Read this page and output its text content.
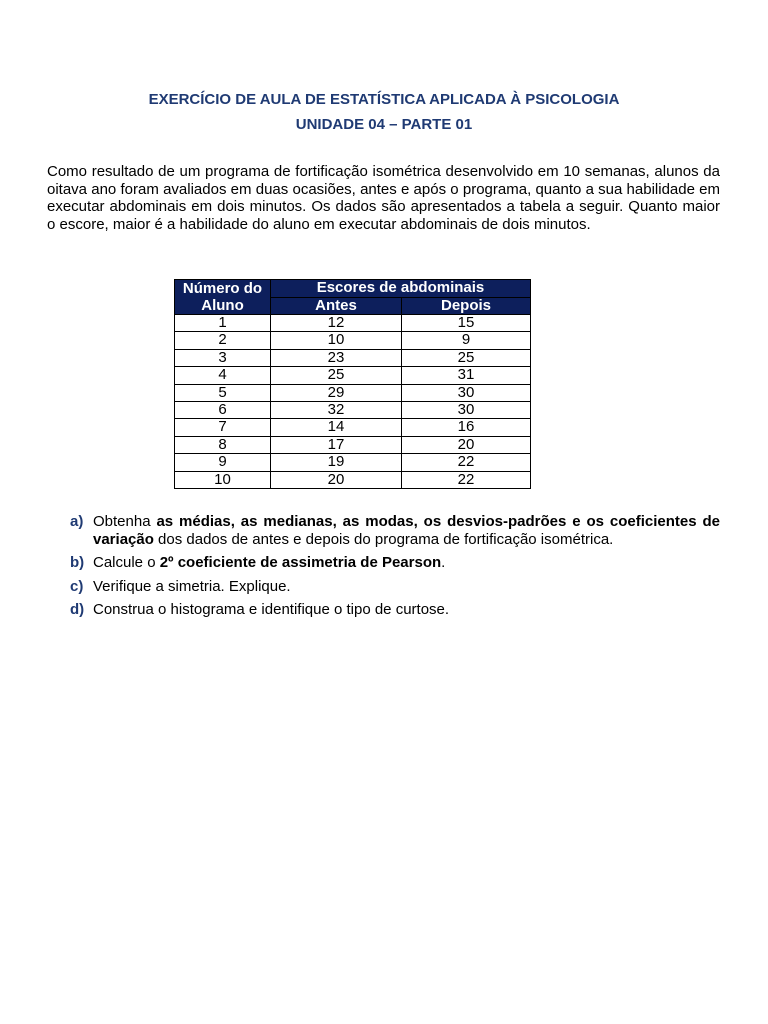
EXERCÍCIO DE AULA DE ESTATÍSTICA APLICADA À PSICOLOGIA
UNIDADE 04 – PARTE 01

Como resultado de um programa de fortificação isométrica desenvolvido em 10 semanas, alunos da oitava ano foram avaliados em duas ocasiões, antes e após o programa, quanto a sua habilidade em executar abdominais em dois minutos. Os dados são apresentados a tabela a seguir. Quanto maior o escore, maior é a habilidade do aluno em executar abdominais de dois minutos.

Número do Aluno	Escores de abdominais	
	Antes	Depois
1	12	15
2	10	9
3	23	25
4	25	31
5	29	30
6	32	30
7	14	16
8	17	20
9	19	22
10	20	22
a) Obtenha as médias, as medianas, as modas, os desvios-padrões e os coeficientes de variação dos dados de antes e depois do programa de fortificação isométrica.
b) Calcule o 2º coeficiente de assimetria de Pearson.
c) Verifique a simetria. Explique.
d) Construa o histograma e identifique o tipo de curtose.
